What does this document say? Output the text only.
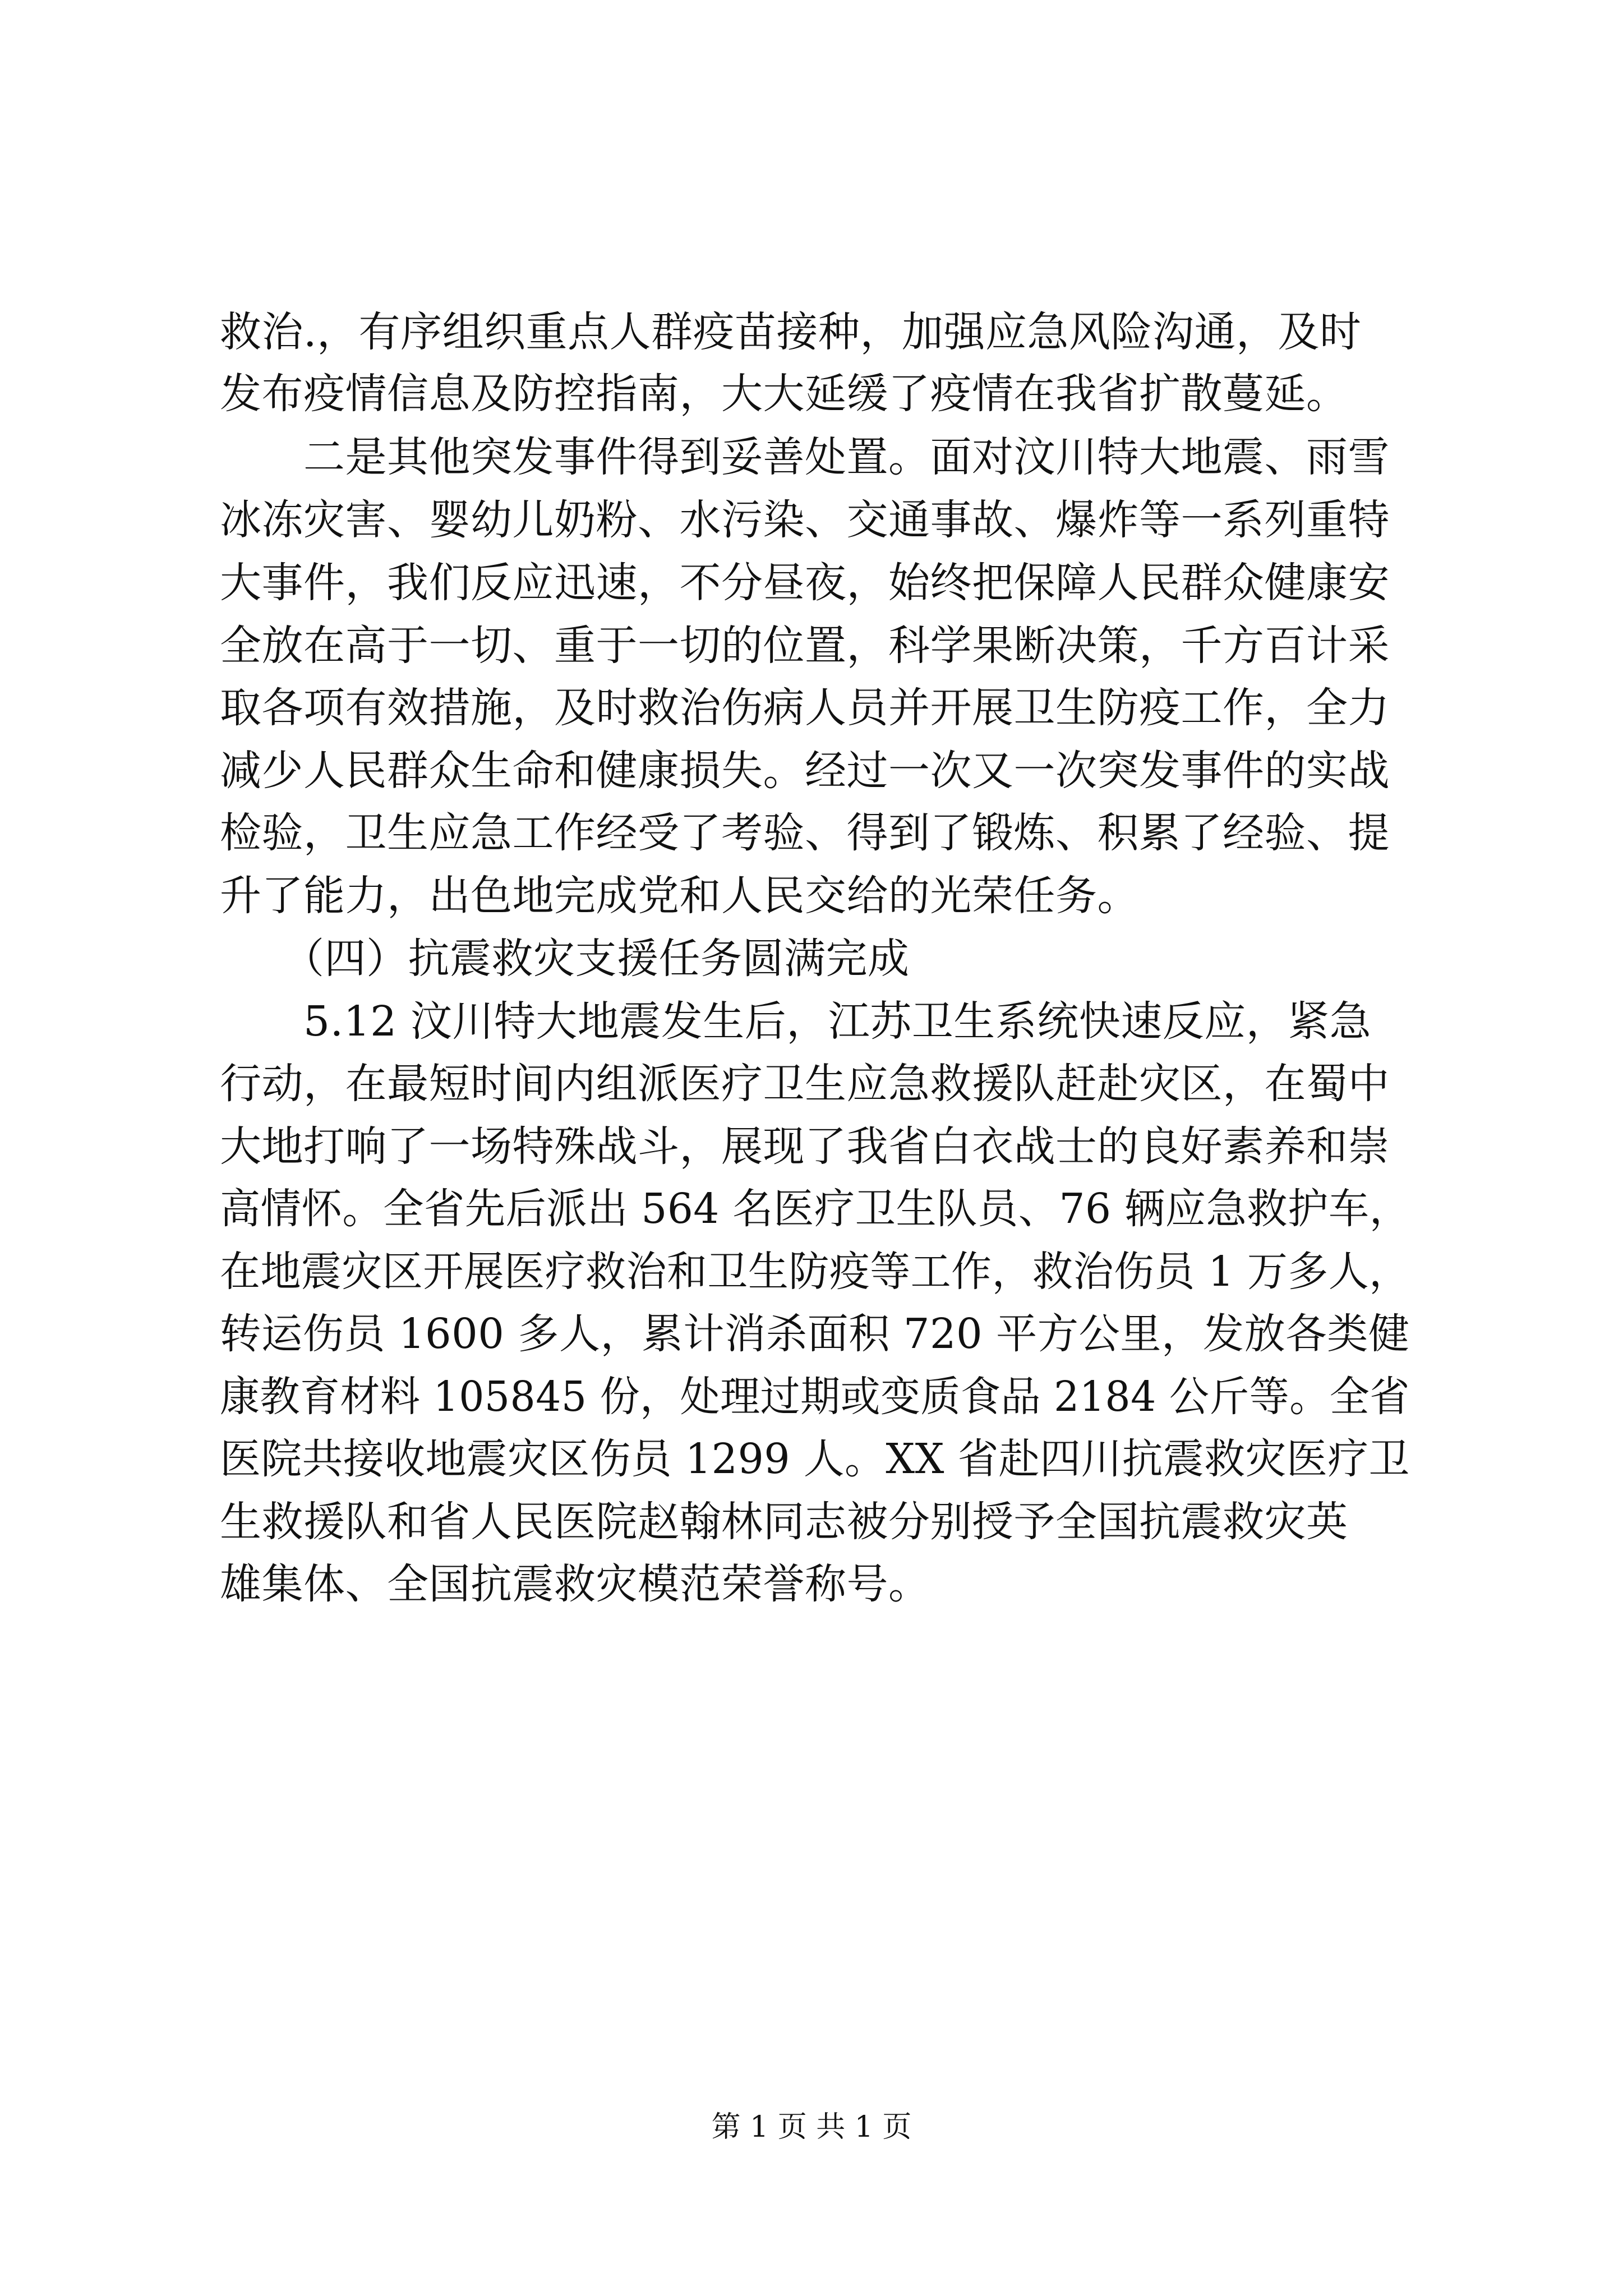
救治.，有序组织重点人群疫苗接种，加强应急风险沟通，及时
发布疫情信息及防控指南，大大延缓了疫情在我省扩散蔓延。
　　二是其他突发事件得到妥善处置。面对汶川特大地震、雨雪
冰冻灾害、婴幼儿奶粉、水污染、交通事故、爆炸等一系列重特
大事件，我们反应迅速，不分昼夜，始终把保障人民群众健康安
全放在高于一切、重于一切的位置，科学果断决策，千方百计采
取各项有效措施，及时救治伤病人员并开展卫生防疫工作，全力
减少人民群众生命和健康损失。经过一次又一次突发事件的实战
检验，卫生应急工作经受了考验、得到了锻炼、积累了经验、提
升了能力，出色地完成党和人民交给的光荣任务。
　　（四）抗震救灾支援任务圆满完成
　　5.12 汶川特大地震发生后，江苏卫生系统快速反应，紧急
行动，在最短时间内组派医疗卫生应急救援队赶赴灾区，在蜀中
大地打响了一场特殊战斗，展现了我省白衣战士的良好素养和崇
高情怀。全省先后派出 564 名医疗卫生队员、76 辆应急救护车，
在地震灾区开展医疗救治和卫生防疫等工作，救治伤员 1 万多人，
转运伤员 1600 多人，累计消杀面积 720 平方公里，发放各类健
康教育材料 105845 份，处理过期或变质食品 2184 公斤等。全省
医院共接收地震灾区伤员 1299 人。XX 省赴四川抗震救灾医疗卫
生救援队和省人民医院赵翰林同志被分别授予全国抗震救灾英
雄集体、全国抗震救灾模范荣誉称号。
第 1 页 共 1 页
